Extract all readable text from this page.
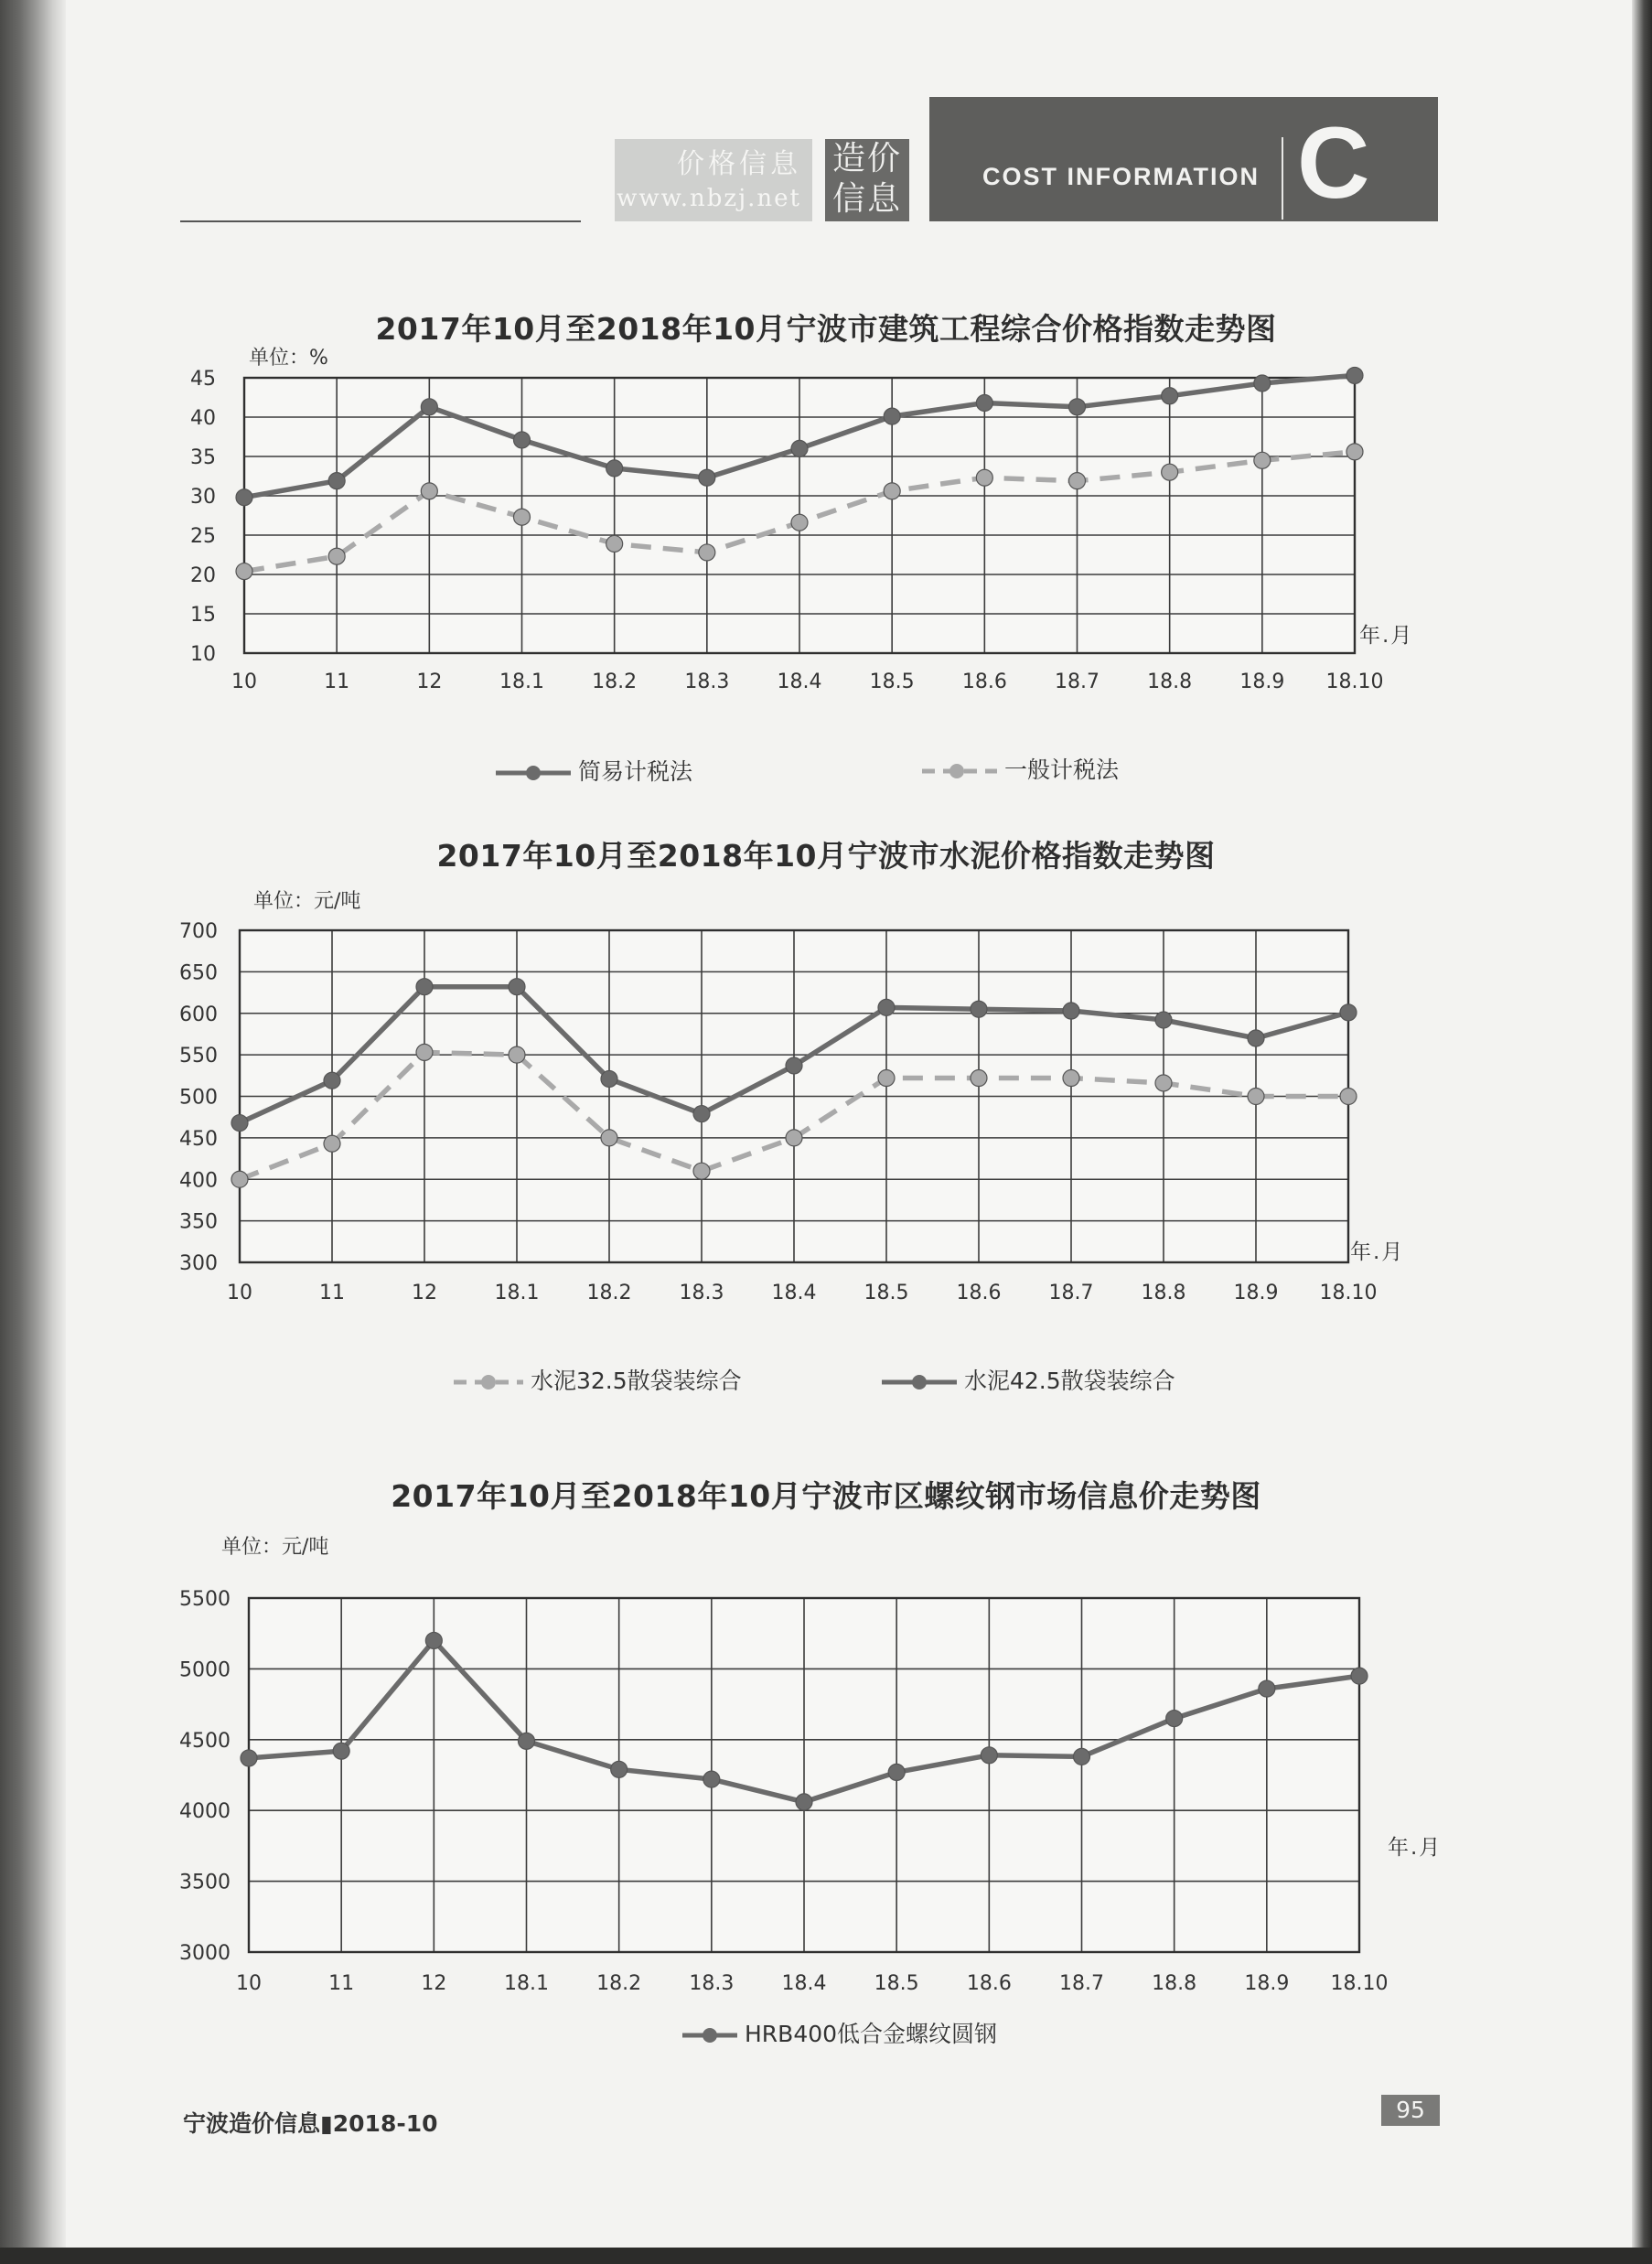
价格信息
www.nbzj.net
造价
信息
COST INFORMATION C
2017年10月至2018年10月宁波市建筑工程综合价格指数走势图
单位：%
年.月
简易计税法	一般计税法
2017年10月至2018年10月宁波市水泥价格指数走势图
单位：元/吨
年.月
水泥32.5散袋装综合	水泥42.5散袋装综合
2017年10月至2018年10月宁波市区螺纹钢市场信息价走势图
单位：元/吨
年.月
HRB400低合金螺纹圆钢
10	11	12	18.1 18.2 18.3 18.4 18.5 18.6 18.7 18.8 18.9 18.10
10
15
20
25
30
35
40
45
10	11	12	18.1 18.2 18.3 18.4 18.5 18.6 18.7 18.8 18.9 18.10
300
350
400
450
500
550
600
650
700
10	11	12	18.1 18.2 18.3 18.4 18.5 18.6 18.7 18.8 18.9 18.10
3000
3500
4000
4500
5000
5500
宁波造价信息▮2018-10
95
